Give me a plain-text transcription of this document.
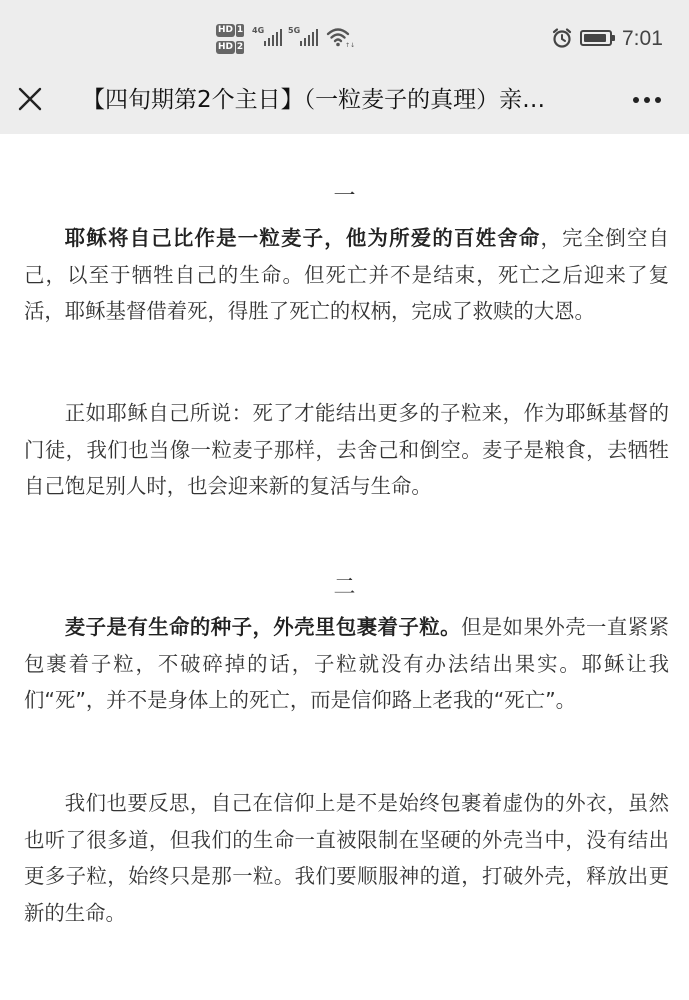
HD 1
HD 2
4G	5G
↑↓	7:01
【四旬期第2个主日】（一粒麦子的真理）亲…
一
耶稣将自己比作是一粒麦子，他为所爱的百姓舍命，完全倒空自己，以至于牺牲自己的生命。但死亡并不是结束，死亡之后迎来了复活，耶稣基督借着死，得胜了死亡的权柄，完成了救赎的大恩。
正如耶稣自己所说：死了才能结出更多的子粒来，作为耶稣基督的门徒，我们也当像一粒麦子那样，去舍己和倒空。麦子是粮食，去牺牲自己饱足别人时，也会迎来新的复活与生命。
二
麦子是有生命的种子，外壳里包裹着子粒。但是如果外壳一直紧紧包裹着子粒，不破碎掉的话，子粒就没有办法结出果实。耶稣让我们“死”，并不是身体上的死亡，而是信仰路上老我的“死亡”。
我们也要反思，自己在信仰上是不是始终包裹着虚伪的外衣，虽然也听了很多道，但我们的生命一直被限制在坚硬的外壳当中，没有结出更多子粒，始终只是那一粒。我们要顺服神的道，打破外壳，释放出更新的生命。
